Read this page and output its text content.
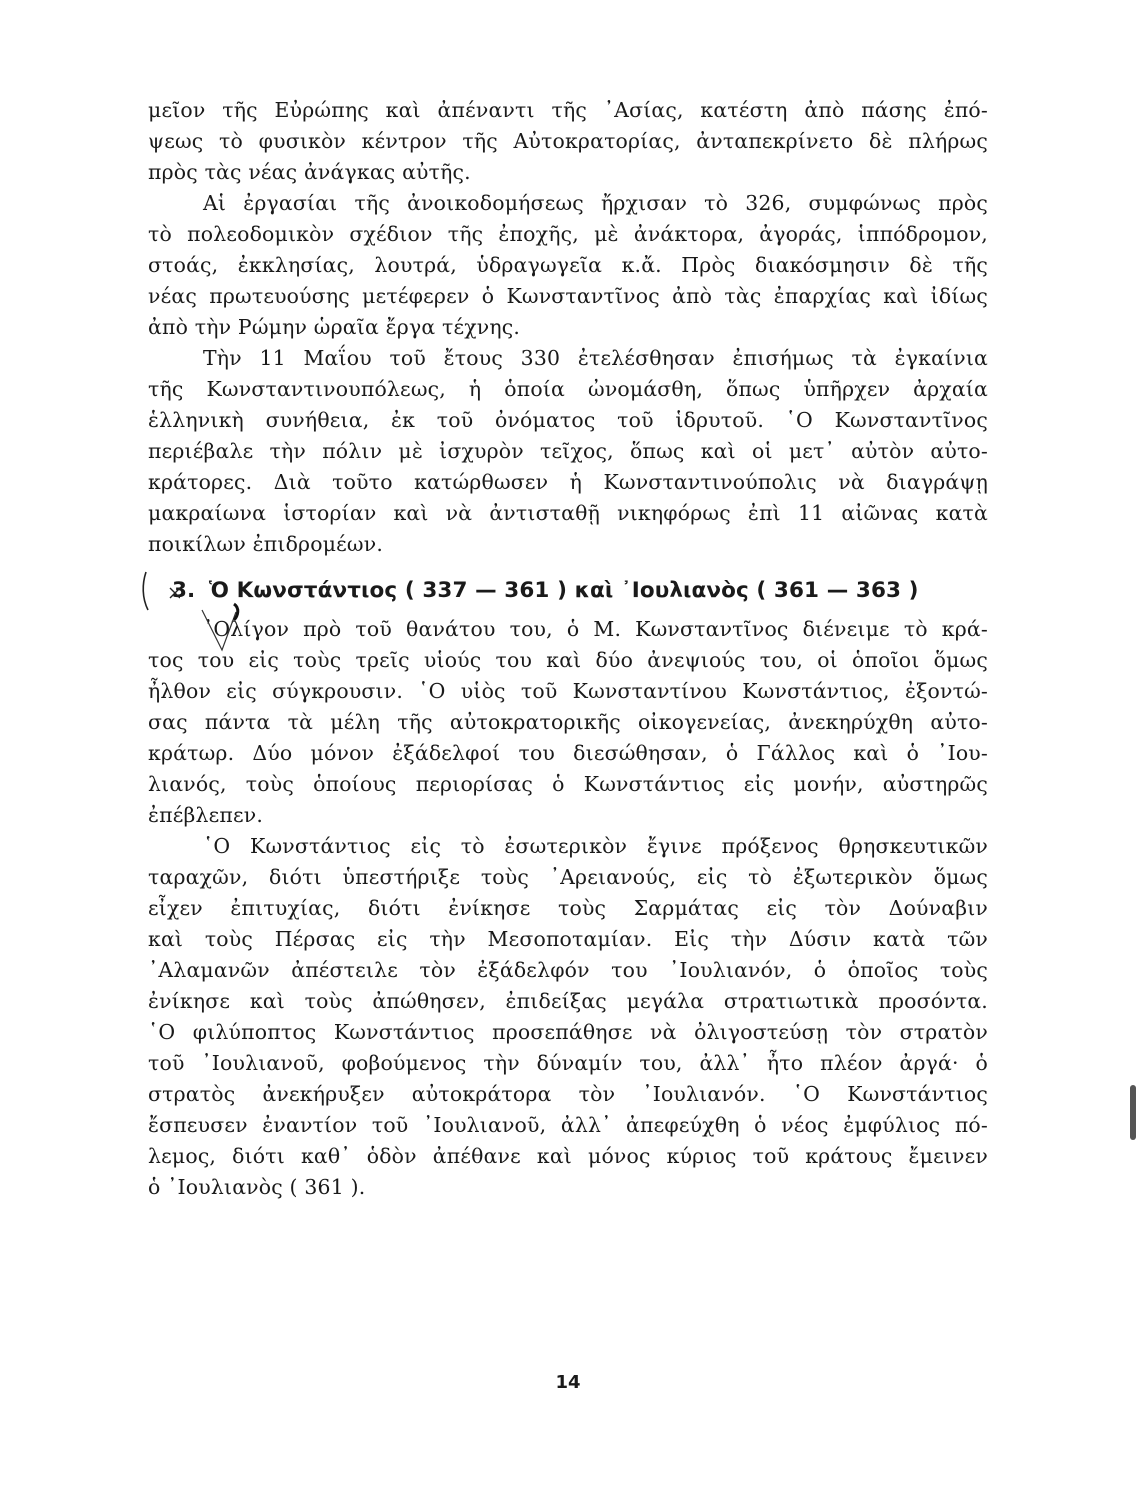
μεῖον τῆς Εὐρώπης καὶ ἀπέναντι τῆς ᾽Ασίας, κατέστη ἀπὸ πάσης ἐπό-
ψεως τὸ φυσικὸν κέντρον τῆς Αὐτοκρατορίας, ἀνταπεκρίνετο δὲ πλήρως
πρὸς τὰς νέας ἀνάγκας αὐτῆς.

Αἱ ἐργασίαι τῆς ἀνοικοδομήσεως ἤρχισαν τὸ 326, συμφώνως πρὸς
τὸ πολεοδομικὸν σχέδιον τῆς ἐποχῆς, μὲ ἀνάκτορα, ἀγοράς, ἱππόδρομον,
στοάς, ἐκκλησίας, λουτρά, ὑδραγωγεῖα κ.ἄ. Πρὸς διακόσμησιν δὲ τῆς
νέας πρωτευούσης μετέφερεν ὁ Κωνσταντῖνος ἀπὸ τὰς ἐπαρχίας καὶ ἰδίως
ἀπὸ τὴν Ρώμην ὡραῖα ἔργα τέχνης.

Τὴν 11 Μαΐου τοῦ ἔτους 330 ἐτελέσθησαν ἐπισήμως τὰ ἐγκαίνια
τῆς Κωνσταντινουπόλεως, ἡ ὁποία ὠνομάσθη, ὅπως ὑπῆρχεν ἀρχαία
ἑλληνικὴ συνήθεια, ἐκ τοῦ ὀνόματος τοῦ ἱδρυτοῦ. ῾Ο Κωνσταντῖνος
περιέβαλε τὴν πόλιν μὲ ἰσχυρὸν τεῖχος, ὅπως καὶ οἱ μετ᾽ αὐτὸν αὐτο-
κράτορες. Διὰ τοῦτο κατώρθωσεν ἡ Κωνσταντινούπολις νὰ διαγράψῃ
μακραίωνα ἱστορίαν καὶ νὰ ἀντισταθῇ νικηφόρως ἐπὶ 11 αἰῶνας κατὰ
ποικίλων ἐπιδρομέων.

3. Ὁ Κωνστάντιος ( 337 — 361 ) καὶ ᾽Ιουλιανὸς ( 361 — 363 )

᾽Ολίγον πρὸ τοῦ θανάτου του, ὁ Μ. Κωνσταντῖνος διένειμε τὸ κρά-
τος του εἰς τοὺς τρεῖς υἱούς του καὶ δύο ἀνεψιούς του, οἱ ὁποῖοι ὅμως
ἦλθον εἰς σύγκρουσιν. ῾Ο υἱὸς τοῦ Κωνσταντίνου Κωνστάντιος, ἐξοντώ-
σας πάντα τὰ μέλη τῆς αὐτοκρατορικῆς οἰκογενείας, ἀνεκηρύχθη αὐτο-
κράτωρ. Δύο μόνον ἐξάδελφοί του διεσώθησαν, ὁ Γάλλος καὶ ὁ ᾽Ιου-
λιανός, τοὺς ὁποίους περιορίσας ὁ Κωνστάντιος εἰς μονήν, αὐστηρῶς
ἐπέβλεπεν.

῾Ο Κωνστάντιος εἰς τὸ ἐσωτερικὸν ἔγινε πρόξενος θρησκευτικῶν
ταραχῶν, διότι ὑπεστήριξε τοὺς ᾽Αρειανούς, εἰς τὸ ἐξωτερικὸν ὅμως
εἶχεν ἐπιτυχίας, διότι ἐνίκησε τοὺς Σαρμάτας εἰς τὸν Δούναβιν
καὶ τοὺς Πέρσας εἰς τὴν Μεσοποταμίαν. Εἰς τὴν Δύσιν κατὰ τῶν
᾽Αλαμανῶν ἀπέστειλε τὸν ἐξάδελφόν του ᾽Ιουλιανόν, ὁ ὁποῖος τοὺς
ἐνίκησε καὶ τοὺς ἀπώθησεν, ἐπιδείξας μεγάλα στρατιωτικὰ προσόντα.
῾Ο φιλύποπτος Κωνστάντιος προσεπάθησε νὰ ὀλιγοστεύσῃ τὸν στρατὸν
τοῦ ᾽Ιουλιανοῦ, φοβούμενος τὴν δύναμίν του, ἀλλ᾽ ἦτο πλέον ἀργά· ὁ
στρατὸς ἀνεκήρυξεν αὐτοκράτορα τὸν ᾽Ιουλιανόν. ῾Ο Κωνστάντιος
ἔσπευσεν ἐναντίον τοῦ ᾽Ιουλιανοῦ, ἀλλ᾽ ἀπεφεύχθη ὁ νέος ἐμφύλιος πό-
λεμος, διότι καθ᾽ ὁδὸν ἀπέθανε καὶ μόνος κύριος τοῦ κράτους ἔμεινεν
ὁ ᾽Ιουλιανὸς ( 361 ).

14
